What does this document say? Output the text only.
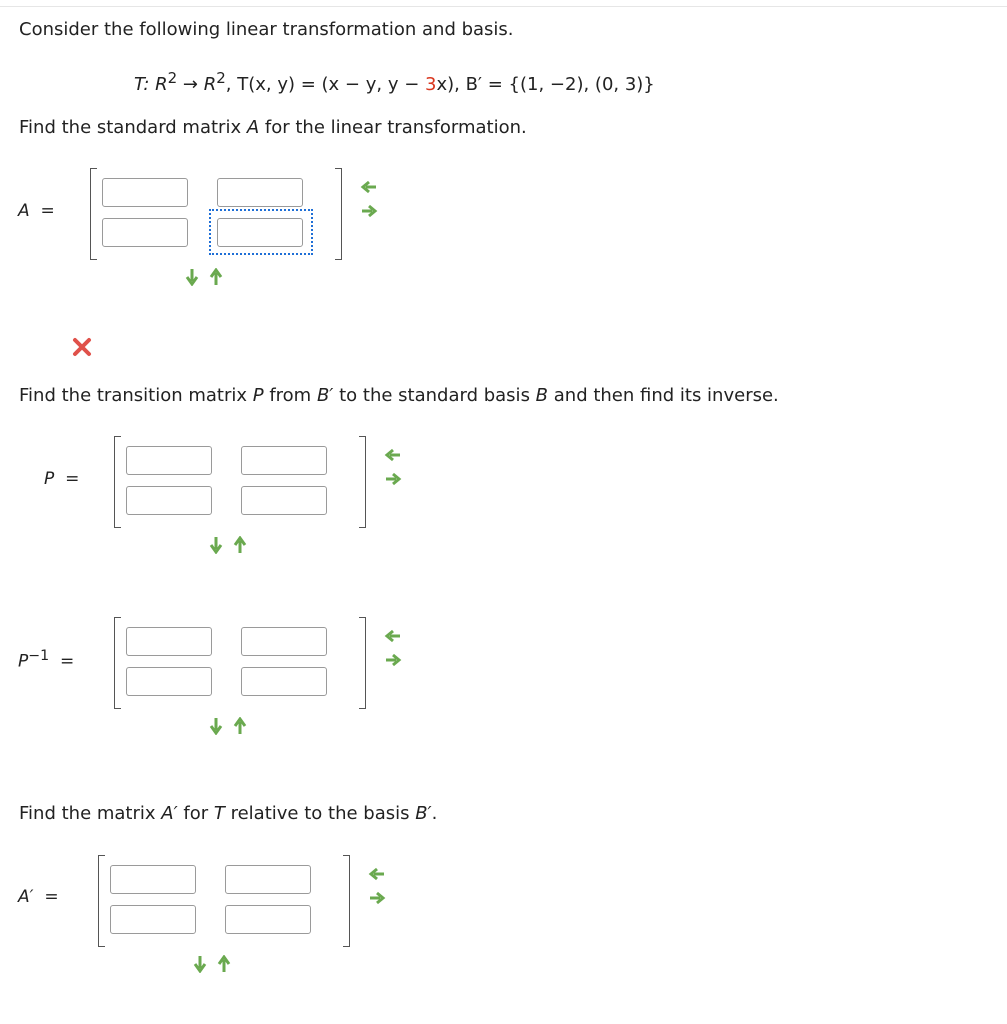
Consider the following linear transformation and basis.
T: $R^2 \to R^2$, T(x, y) = (x − y, y − 3x), B′ = {(1, −2), (0, 3)}
Find the standard matrix A for the linear transformation.
A =
Find the transition matrix P from B′ to the standard basis B and then find its inverse.
P =
$P^{-1}$ =
Find the matrix A′ for T relative to the basis B′.
A′ =
